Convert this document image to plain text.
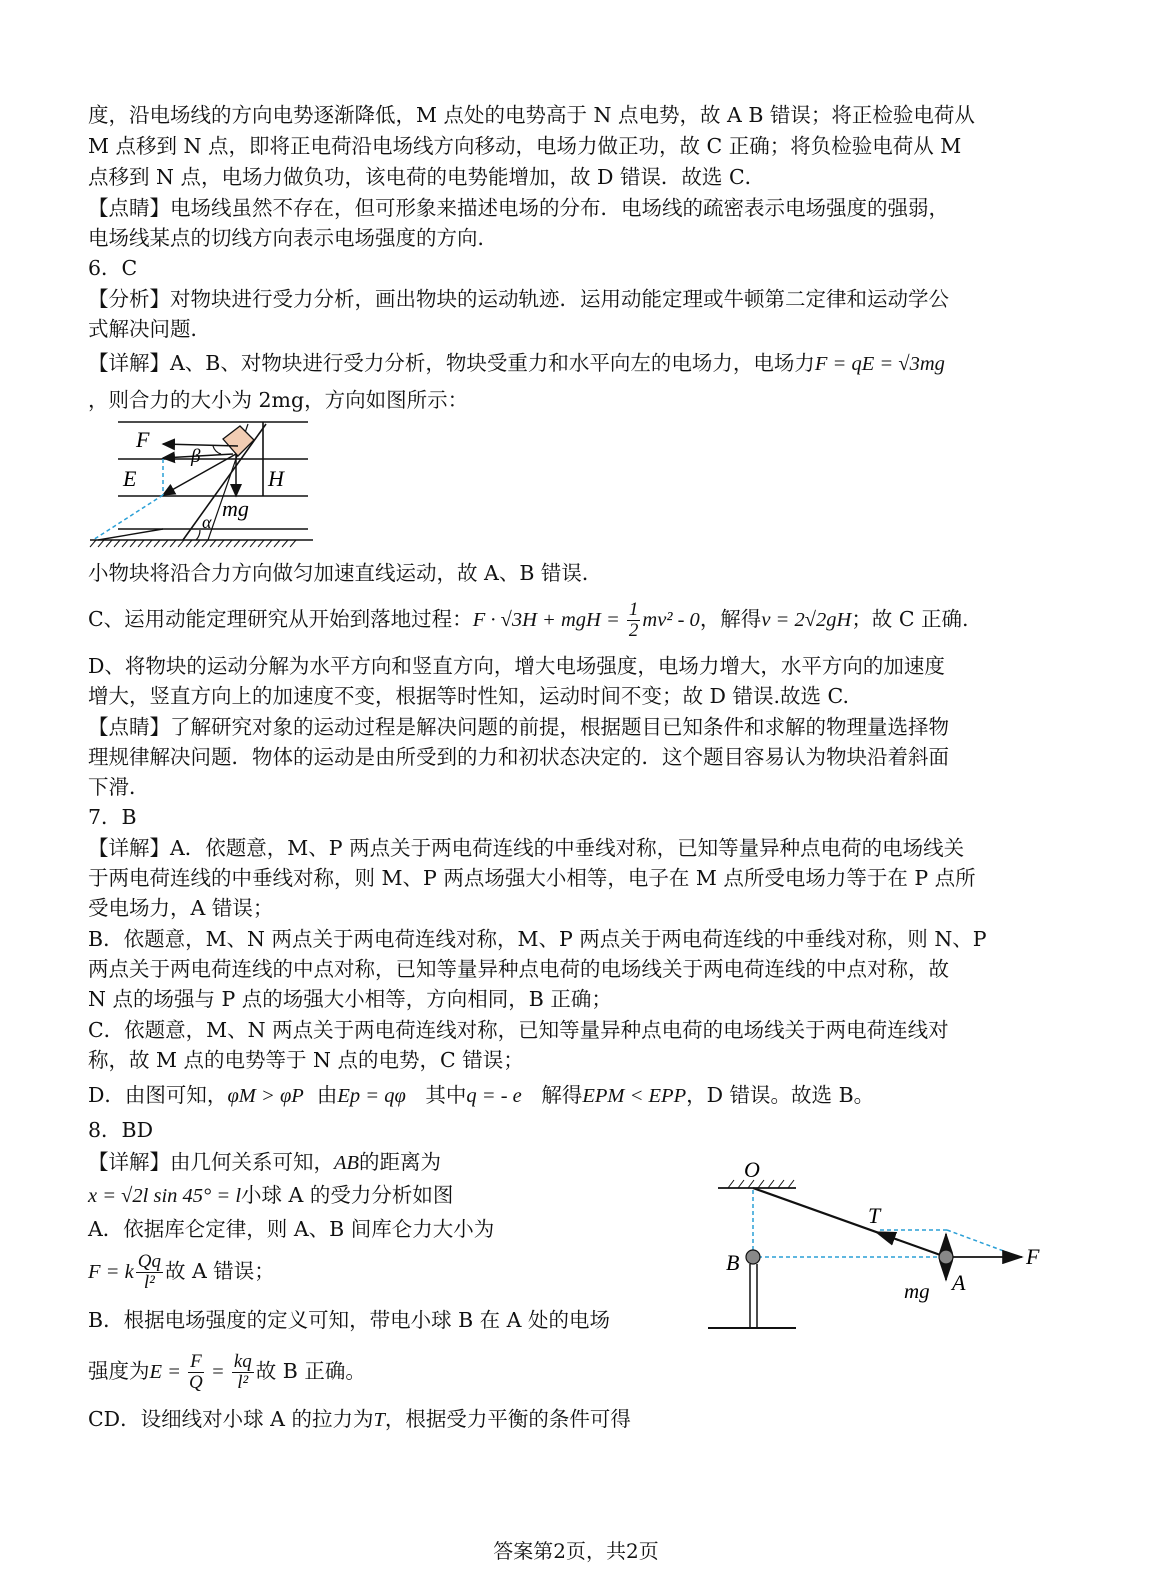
度，沿电场线的方向电势逐渐降低，M 点处的电势高于 N 点电势，故 A B 错误；将正检验电荷从
M 点移到 N 点，即将正电荷沿电场线方向移动，电场力做正功，故 C 正确；将负检验电荷从 M
点移到 N 点，电场力做负功，该电荷的电势能增加，故 D 错误．故选 C．
【点睛】电场线虽然不存在，但可形象来描述电场的分布．电场线的疏密表示电场强度的强弱，
电场线某点的切线方向表示电场强度的方向．
6．C
【分析】对物块进行受力分析，画出物块的运动轨迹．运用动能定理或牛顿第二定律和运动学公
式解决问题．
【详解】A、B、对物块进行受力分析，物块受重力和水平向左的电场力，电场力F = qE = √3mg
，则合力的大小为 2mg，方向如图所示：
F
β
E	H
mg
α
小物块将沿合力方向做匀加速直线运动，故 A、B 错误．
C、运用动能定理研究从开始到落地过程：F · √3H + mgH = $\frac{1}{2} mv^2 - 0$，解得v = 2√2gH；故 C 正确.
D、将物块的运动分解为水平方向和竖直方向，增大电场强度，电场力增大，水平方向的加速度
增大，竖直方向上的加速度不变，根据等时性知，运动时间不变；故 D 错误.故选 C.
【点睛】了解研究对象的运动过程是解决问题的前提，根据题目已知条件和求解的物理量选择物
理规律解决问题．物体的运动是由所受到的力和初状态决定的．这个题目容易认为物块沿着斜面
下滑．
7．B
【详解】A．依题意，M、P 两点关于两电荷连线的中垂线对称，已知等量异种点电荷的电场线关
于两电荷连线的中垂线对称，则 M、P 两点场强大小相等，电子在 M 点所受电场力等于在 P 点所
受电场力，A 错误；
B．依题意，M、N 两点关于两电荷连线对称，M、P 两点关于两电荷连线的中垂线对称，则 N、P
两点关于两电荷连线的中点对称，已知等量异种点电荷的电场线关于两电荷连线的中点对称，故
N 点的场强与 P 点的场强大小相等，方向相同，B 正确；
C．依题意，M、N 两点关于两电荷连线对称，已知等量异种点电荷的电场线关于两电荷连线对
称，故 M 点的电势等于 N 点的电势，C 错误；
D．由图可知，φM > φP 由Ep = qφ 其中q = - e 解得EPM < EPP，D 错误。故选 B。
8．BD
【详解】由几何关系可知，AB的距离为
x = √2l sin 45° = l小球 A 的受力分析如图
A．依据库仑定律，则 A、B 间库仑力大小为
F = k $\frac{Qq}{\text{l²}}$ 故 A 错误；
B．根据电场强度的定义可知，带电小球 B 在 A 处的电场
强度为$E = \frac{F}{Q} = \frac{kq}{\text{l²}}$ 故 B 正确。
CD．设细线对小球 A 的拉力为T，根据受力平衡的条件可得
O
T
B	F
mg A
答案第2页，共2页
